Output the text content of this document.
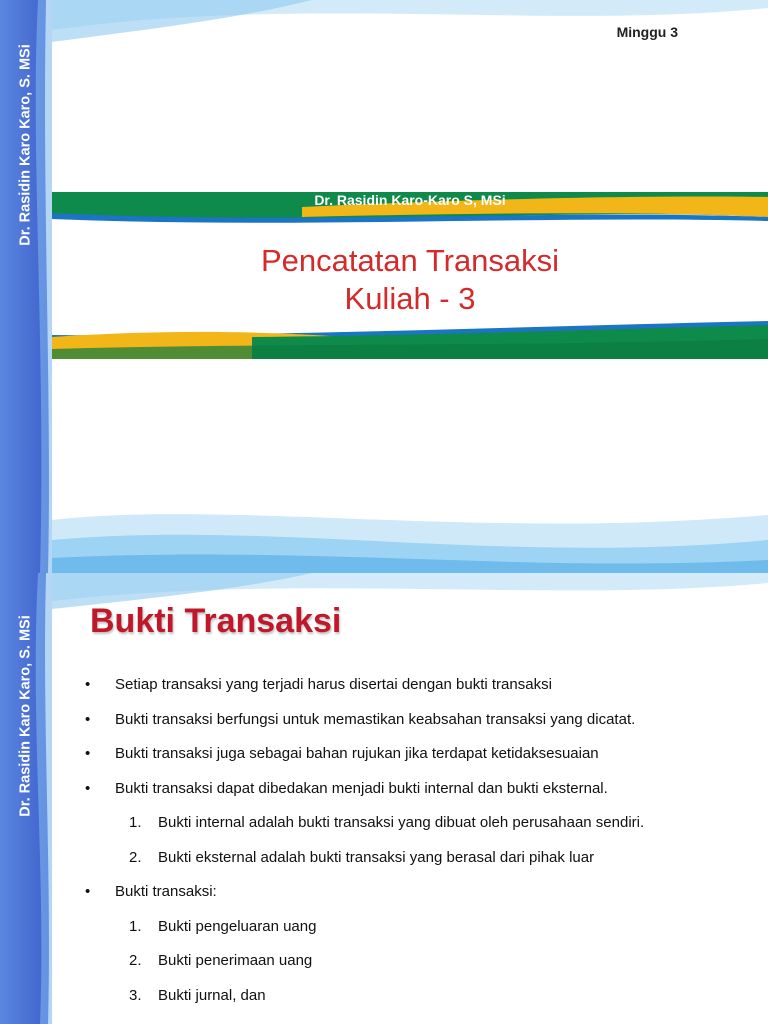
Dr. Rasidin Karo Karo, S. MSi
Minggu 3
Dr. Rasidin Karo-Karo S, MSi
Pencatatan Transaksi
Kuliah - 3
Dr. Rasidin Karo Karo, S. MSi Bukti Transaksi
• Setiap transaksi yang terjadi harus disertai dengan bukti transaksi
• Bukti transaksi berfungsi untuk memastikan keabsahan transaksi yang dicatat.
• Bukti transaksi juga sebagai bahan rujukan jika terdapat ketidaksesuaian
• Bukti transaksi dapat dibedakan menjadi bukti internal dan bukti eksternal.
1. Bukti internal adalah bukti transaksi yang dibuat oleh perusahaan sendiri.
2. Bukti eksternal adalah bukti transaksi yang berasal dari pihak luar
• Bukti transaksi:
1. Bukti pengeluaran uang
2. Bukti penerimaan uang
3. Bukti jurnal, dan
